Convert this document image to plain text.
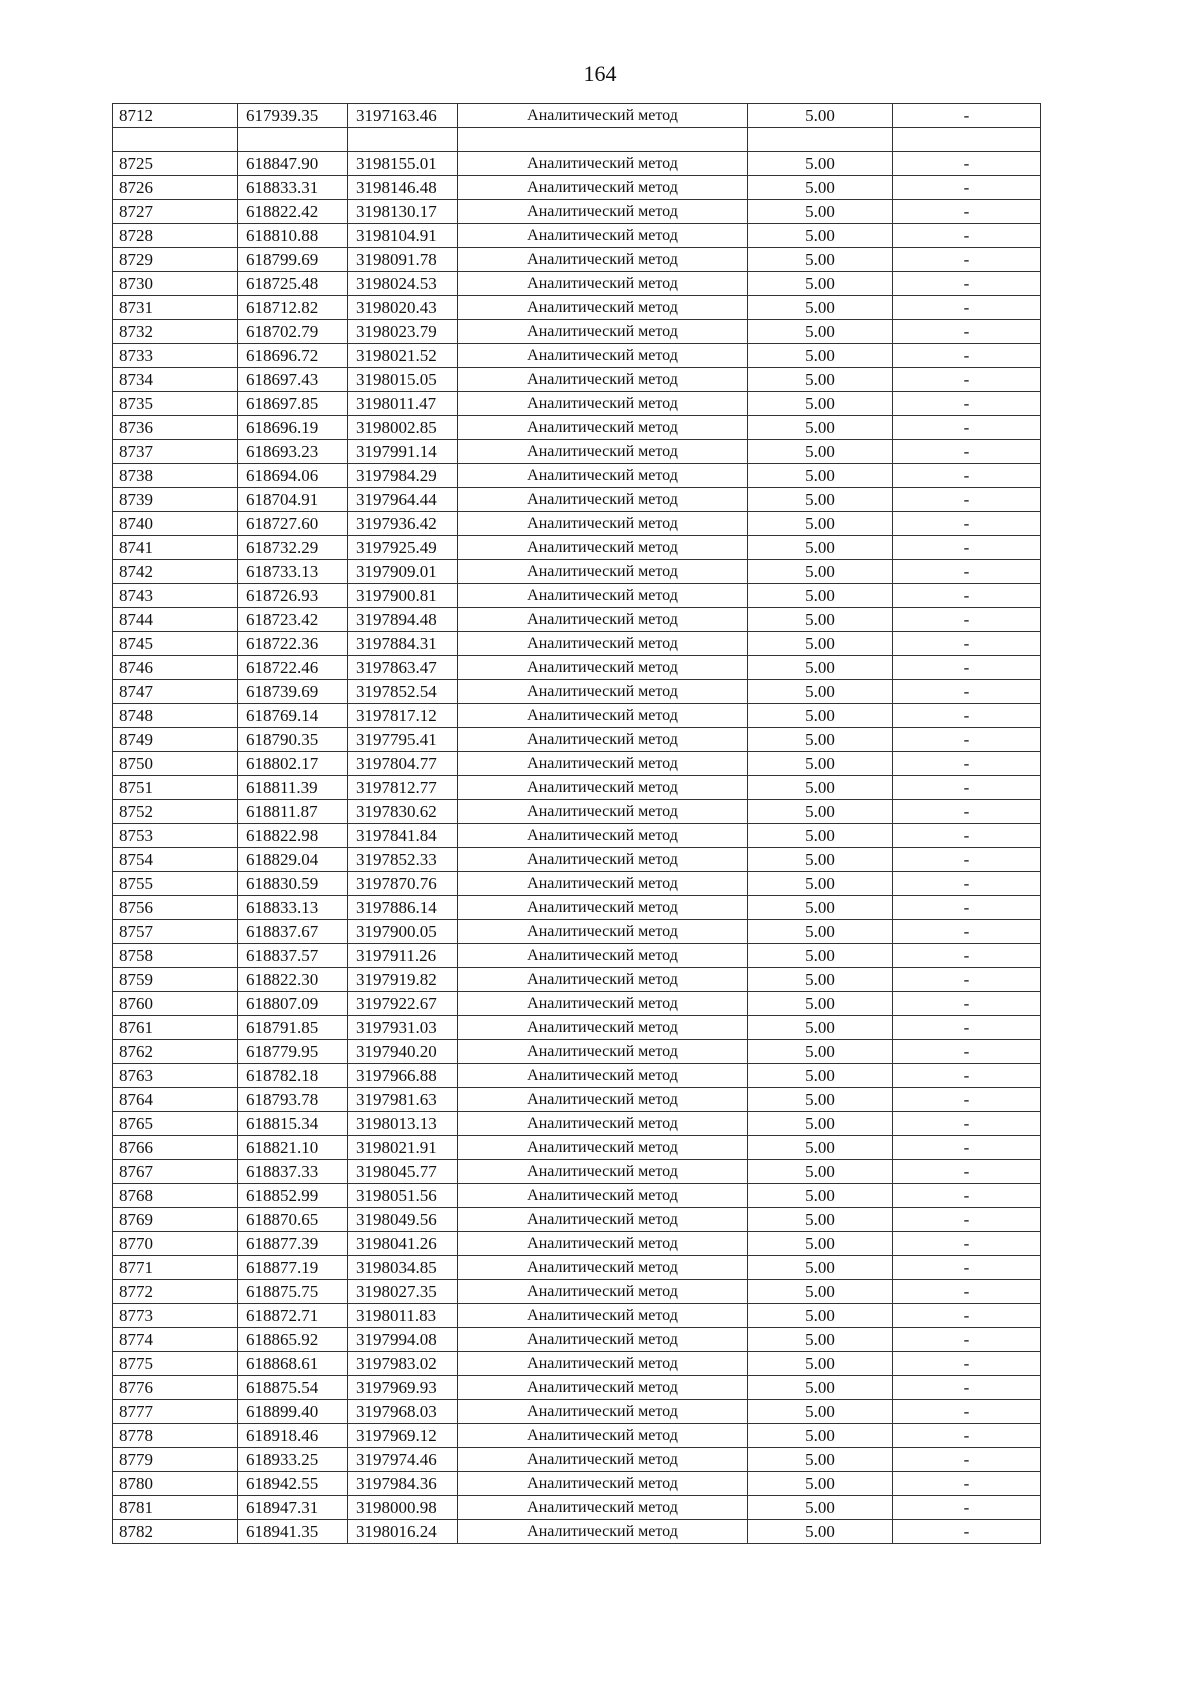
164
8712	617939.35	3197163.46	Аналитический метод	5.00	-

8725	618847.90	3198155.01	Аналитический метод	5.00	-
8726	618833.31	3198146.48	Аналитический метод	5.00	-
8727	618822.42	3198130.17	Аналитический метод	5.00	-
8728	618810.88	3198104.91	Аналитический метод	5.00	-
8729	618799.69	3198091.78	Аналитический метод	5.00	-
8730	618725.48	3198024.53	Аналитический метод	5.00	-
8731	618712.82	3198020.43	Аналитический метод	5.00	-
8732	618702.79	3198023.79	Аналитический метод	5.00	-
8733	618696.72	3198021.52	Аналитический метод	5.00	-
8734	618697.43	3198015.05	Аналитический метод	5.00	-
8735	618697.85	3198011.47	Аналитический метод	5.00	-
8736	618696.19	3198002.85	Аналитический метод	5.00	-
8737	618693.23	3197991.14	Аналитический метод	5.00	-
8738	618694.06	3197984.29	Аналитический метод	5.00	-
8739	618704.91	3197964.44	Аналитический метод	5.00	-
8740	618727.60	3197936.42	Аналитический метод	5.00	-
8741	618732.29	3197925.49	Аналитический метод	5.00	-
8742	618733.13	3197909.01	Аналитический метод	5.00	-
8743	618726.93	3197900.81	Аналитический метод	5.00	-
8744	618723.42	3197894.48	Аналитический метод	5.00	-
8745	618722.36	3197884.31	Аналитический метод	5.00	-
8746	618722.46	3197863.47	Аналитический метод	5.00	-
8747	618739.69	3197852.54	Аналитический метод	5.00	-
8748	618769.14	3197817.12	Аналитический метод	5.00	-
8749	618790.35	3197795.41	Аналитический метод	5.00	-
8750	618802.17	3197804.77	Аналитический метод	5.00	-
8751	618811.39	3197812.77	Аналитический метод	5.00	-
8752	618811.87	3197830.62	Аналитический метод	5.00	-
8753	618822.98	3197841.84	Аналитический метод	5.00	-
8754	618829.04	3197852.33	Аналитический метод	5.00	-
8755	618830.59	3197870.76	Аналитический метод	5.00	-
8756	618833.13	3197886.14	Аналитический метод	5.00	-
8757	618837.67	3197900.05	Аналитический метод	5.00	-
8758	618837.57	3197911.26	Аналитический метод	5.00	-
8759	618822.30	3197919.82	Аналитический метод	5.00	-
8760	618807.09	3197922.67	Аналитический метод	5.00	-
8761	618791.85	3197931.03	Аналитический метод	5.00	-
8762	618779.95	3197940.20	Аналитический метод	5.00	-
8763	618782.18	3197966.88	Аналитический метод	5.00	-
8764	618793.78	3197981.63	Аналитический метод	5.00	-
8765	618815.34	3198013.13	Аналитический метод	5.00	-
8766	618821.10	3198021.91	Аналитический метод	5.00	-
8767	618837.33	3198045.77	Аналитический метод	5.00	-
8768	618852.99	3198051.56	Аналитический метод	5.00	-
8769	618870.65	3198049.56	Аналитический метод	5.00	-
8770	618877.39	3198041.26	Аналитический метод	5.00	-
8771	618877.19	3198034.85	Аналитический метод	5.00	-
8772	618875.75	3198027.35	Аналитический метод	5.00	-
8773	618872.71	3198011.83	Аналитический метод	5.00	-
8774	618865.92	3197994.08	Аналитический метод	5.00	-
8775	618868.61	3197983.02	Аналитический метод	5.00	-
8776	618875.54	3197969.93	Аналитический метод	5.00	-
8777	618899.40	3197968.03	Аналитический метод	5.00	-
8778	618918.46	3197969.12	Аналитический метод	5.00	-
8779	618933.25	3197974.46	Аналитический метод	5.00	-
8780	618942.55	3197984.36	Аналитический метод	5.00	-
8781	618947.31	3198000.98	Аналитический метод	5.00	-
8782	618941.35	3198016.24	Аналитический метод	5.00	-
